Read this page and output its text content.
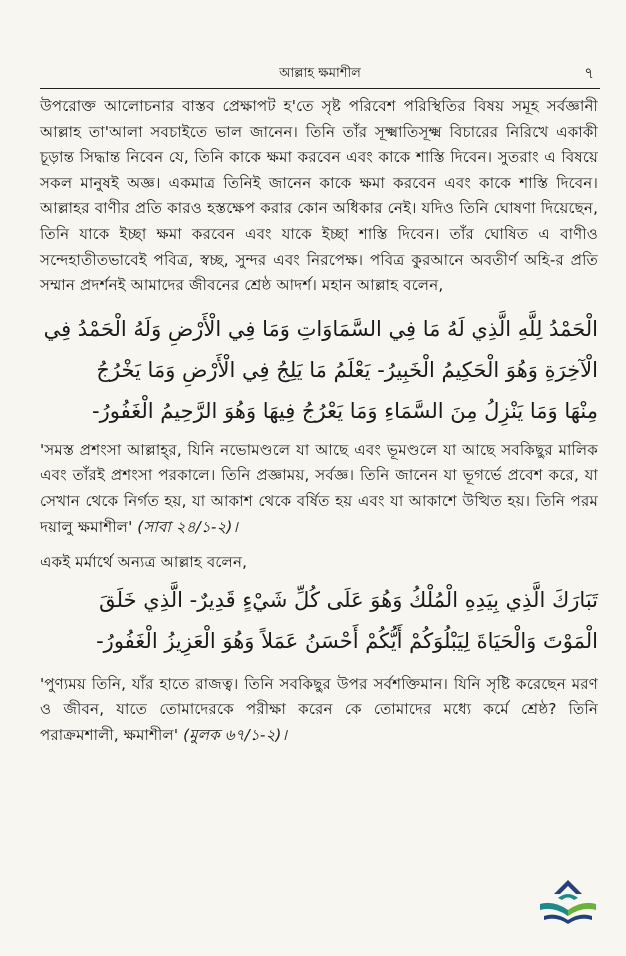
আল্লাহ ক্ষমাশীল	৭

উপরোক্ত আলোচনার বাস্তব প্রেক্ষাপট হ'তে সৃষ্ট পরিবেশ পরিস্থিতির বিষয় সমূহ সর্বজ্ঞানী আল্লাহ তা'আলা সবচাইতে ভাল জানেন। তিনি তাঁর সূক্ষ্মাতিসূক্ষ্ম বিচারের নিরিখে একাকী চূড়ান্ত সিদ্ধান্ত নিবেন যে, তিনি কাকে ক্ষমা করবেন এবং কাকে শাস্তি দিবেন। সুতরাং এ বিষয়ে সকল মানুষই অজ্ঞ। একমাত্র তিনিই জানেন কাকে ক্ষমা করবেন এবং কাকে শাস্তি দিবেন। আল্লাহর বাণীর প্রতি কারও হস্তক্ষেপ করার কোন অধিকার নেই। যদিও তিনি ঘোষণা দিয়েছেন, তিনি যাকে ইচ্ছা ক্ষমা করবেন এবং যাকে ইচ্ছা শাস্তি দিবেন। তাঁর ঘোষিত এ বাণীও সন্দেহাতীতভাবেই পবিত্র, স্বচ্ছ, সুন্দর এবং নিরপেক্ষ। পবিত্র কুরআনে অবতীর্ণ অহি-র প্রতি সম্মান প্রদর্শনই আমাদের জীবনের শ্রেষ্ঠ আদর্শ। মহান আল্লাহ বলেন,

الْحَمْدُ لِلَّهِ الَّذِي لَهُ مَا فِي السَّمَاوَاتِ وَمَا فِي الْأَرْضِ وَلَهُ الْحَمْدُ فِي
الْآخِرَةِ وَهُوَ الْحَكِيمُ الْخَبِيرُ- يَعْلَمُ مَا يَلِجُ فِي الْأَرْضِ وَمَا يَخْرُجُ
مِنْهَا وَمَا يَنْزِلُ مِنَ السَّمَاءِ وَمَا يَعْرُجُ فِيهَا وَهُوَ الرَّحِيمُ الْغَفُورُ-

'সমস্ত প্রশংসা আল্লাহ্‌র, যিনি নভোমণ্ডলে যা আছে এবং ভূমণ্ডলে যা আছে সবকিছুর মালিক এবং তাঁরই প্রশংসা পরকালে। তিনি প্রজ্ঞাময়, সর্বজ্ঞ। তিনি জানেন যা ভূগর্ভে প্রবেশ করে, যা সেখান থেকে নির্গত হয়, যা আকাশ থেকে বর্ষিত হয় এবং যা আকাশে উত্থিত হয়। তিনি পরম দয়ালু ক্ষমাশীল' (সাবা ২৪/১-২)।

একই মর্মার্থে অন্যত্র আল্লাহ বলেন,

تَبَارَكَ الَّذِي بِيَدِهِ الْمُلْكُ وَهُوَ عَلَى كُلِّ شَيْءٍ قَدِيرٌ- الَّذِي خَلَقَ
الْمَوْتَ وَالْحَيَاةَ لِيَبْلُوَكُمْ أَيُّكُمْ أَحْسَنُ عَمَلاً وَهُوَ الْعَزِيزُ الْغَفُورُ-

'পুণ্যময় তিনি, যাঁর হাতে রাজত্ব। তিনি সবকিছুর উপর সর্বশক্তিমান। যিনি সৃষ্টি করেছেন মরণ ও জীবন, যাতে তোমাদেরকে পরীক্ষা করেন কে তোমাদের মধ্যে কর্মে শ্রেষ্ঠ? তিনি পরাক্রমশালী, ক্ষমাশীল' (মুলক ৬৭/১-২)।
